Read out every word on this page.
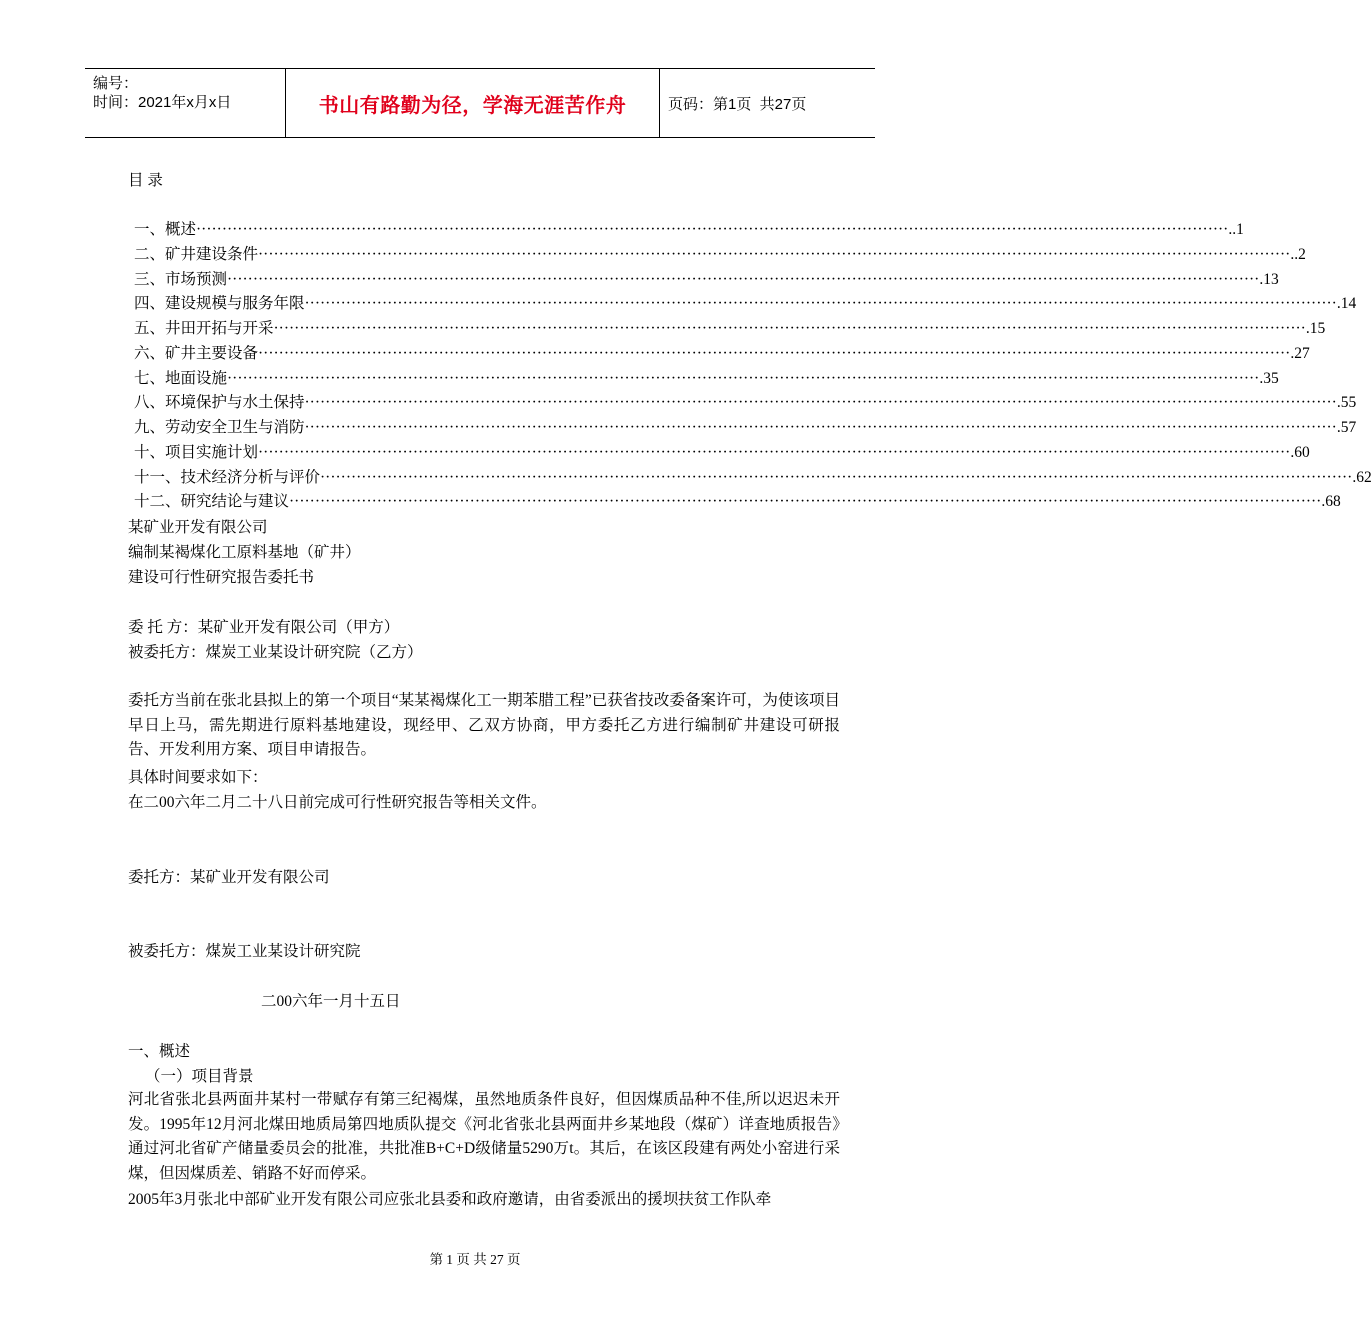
编号：
时间：2021年x月x日	书山有路勤为径，学海无涯苦作舟	页码：第1页  共27页
目 录
一、概述 ········································································································································································································ ..1
二、矿井建设条件 ········································································································································································································ ..2
三、市场预测 ········································································································································································································ .13
四、建设规模与服务年限 ········································································································································································································ .14
五、井田开拓与开采 ········································································································································································································ .15
六、矿井主要设备 ········································································································································································································ .27
七、地面设施 ········································································································································································································ .35
八、环境保护与水土保持 ········································································································································································································ .55
九、劳动安全卫生与消防 ········································································································································································································ .57
十、项目实施计划 ········································································································································································································ .60
十一、技术经济分析与评价 ········································································································································································································ .62
十二、研究结论与建议 ········································································································································································································ .68
某矿业开发有限公司
编制某褐煤化工原料基地（矿井）
建设可行性研究报告委托书
委 托 方：某矿业开发有限公司（甲方）
被委托方：煤炭工业某设计研究院（乙方）
委托方当前在张北县拟上的第一个项目“某某褐煤化工一期苯腊工程”已获省技改委备案许可，为使该项目早日上马，需先期进行原料基地建设，现经甲、乙双方协商，甲方委托乙方进行编制矿井建设可研报告、开发利用方案、项目申请报告。
具体时间要求如下：
在二00六年二月二十八日前完成可行性研究报告等相关文件。
委托方：某矿业开发有限公司
被委托方：煤炭工业某设计研究院
二00六年一月十五日
一、概述
（一）项目背景
河北省张北县两面井某村一带赋存有第三纪褐煤，虽然地质条件良好，但因煤质品种不佳,所以迟迟未开发。1995年12月河北煤田地质局第四地质队提交《河北省张北县两面井乡某地段（煤矿）详查地质报告》通过河北省矿产储量委员会的批准，共批准B+C+D级储量5290万t。其后，在该区段建有两处小窑进行采煤，但因煤质差、销路不好而停采。
2005年3月张北中部矿业开发有限公司应张北县委和政府邀请，由省委派出的援坝扶贫工作队牵
第 1 页 共 27 页
